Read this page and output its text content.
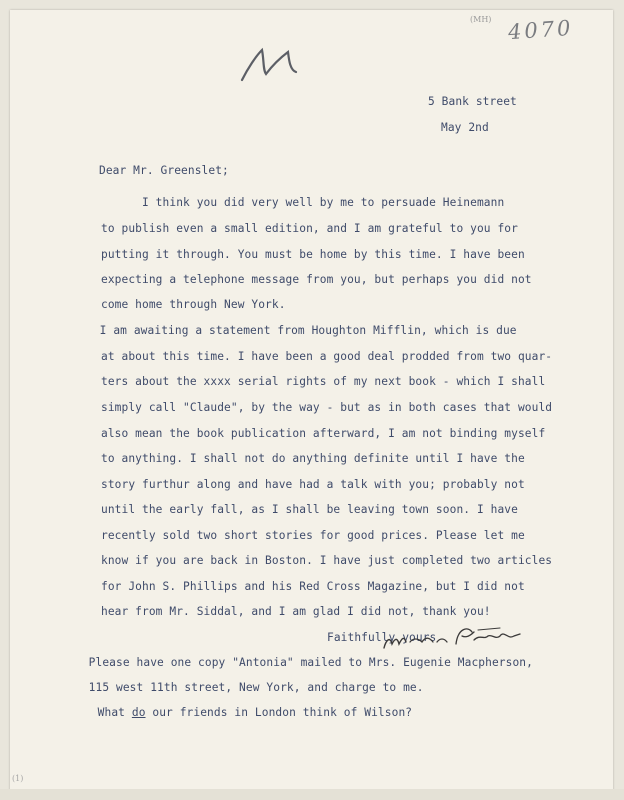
4070
(MH)
(1)
5 Bank street
May 2nd
Dear Mr. Greenslet;
I think you did very well by me to persuade Heinemann
to publish even a small edition, and I am grateful to you for
putting it through. You must be home by this time. I have been
expecting a telephone message from you, but perhaps you did not
come home through New York.
I am awaiting a statement from Houghton Mifflin, which is due
at about this time. I have been a good deal prodded from two quar-
ters about the xxxx serial rights of my next book - which I shall
simply call "Claude", by the way - but as in both cases that would
also mean the book publication afterward, I am not binding myself
to anything. I shall not do anything definite until I have the
story furthur along and have had a talk with you; probably not
until the early fall, as I shall be leaving town soon. I have
recently sold two short stories for good prices. Please let me
know if you are back in Boston. I have just completed two articles
for John S. Phillips and his Red Cross Magazine, but I did not
hear from Mr. Siddal, and I am glad I did not, thank you!
Faithfully yours
Please have one copy "Antonia" mailed to Mrs. Eugenie Macpherson,
115 west 11th street, New York, and charge to me.
What do our friends in London think of Wilson?
